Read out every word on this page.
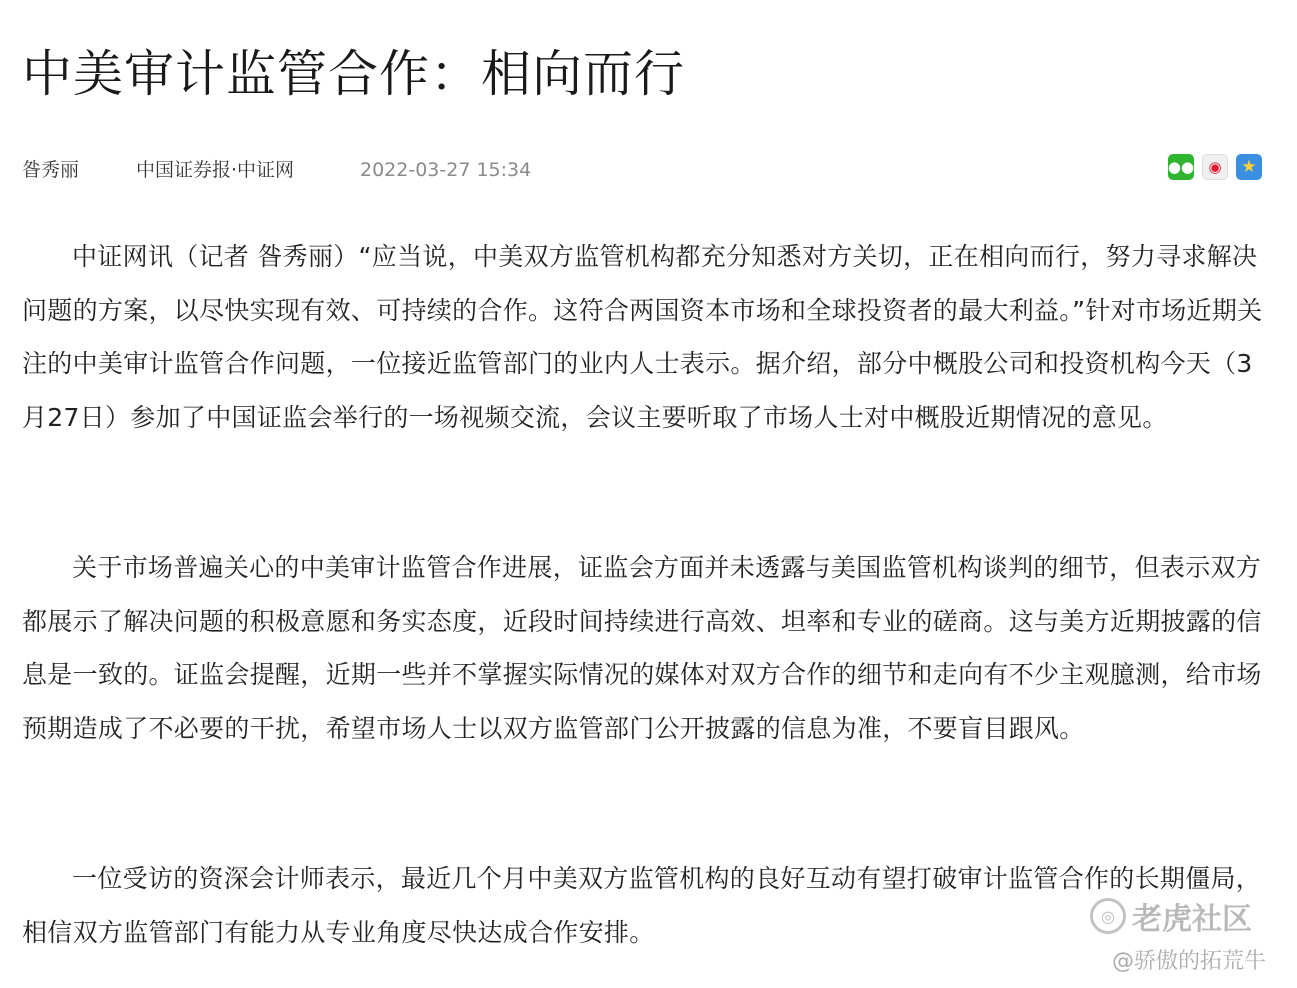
中美审计监管合作：相向而行
昝秀丽	中国证券报·中证网	2022-03-27 15:34	●● ◉	★

中证网讯（记者 昝秀丽）“应当说，中美双方监管机构都充分知悉对方关切，正在相向而行，努力寻求解决问题的方案，以尽快实现有效、可持续的合作。这符合两国资本市场和全球投资者的最大利益。”针对市场近期关注的中美审计监管合作问题，一位接近监管部门的业内人士表示。据介绍，部分中概股公司和投资机构今天（3月27日）参加了中国证监会举行的一场视频交流，会议主要听取了市场人士对中概股近期情况的意见。

关于市场普遍关心的中美审计监管合作进展，证监会方面并未透露与美国监管机构谈判的细节，但表示双方都展示了解决问题的积极意愿和务实态度，近段时间持续进行高效、坦率和专业的磋商。这与美方近期披露的信息是一致的。证监会提醒，近期一些并不掌握实际情况的媒体对双方合作的细节和走向有不少主观臆测，给市场预期造成了不必要的干扰，希望市场人士以双方监管部门公开披露的信息为准，不要盲目跟风。

一位受访的资深会计师表示，最近几个月中美双方监管机构的良好互动有望打破审计监管合作的长期僵局，相信双方监管部门有能力从专业角度尽快达成合作安排。

◎ 老虎社区
@骄傲的拓荒牛
